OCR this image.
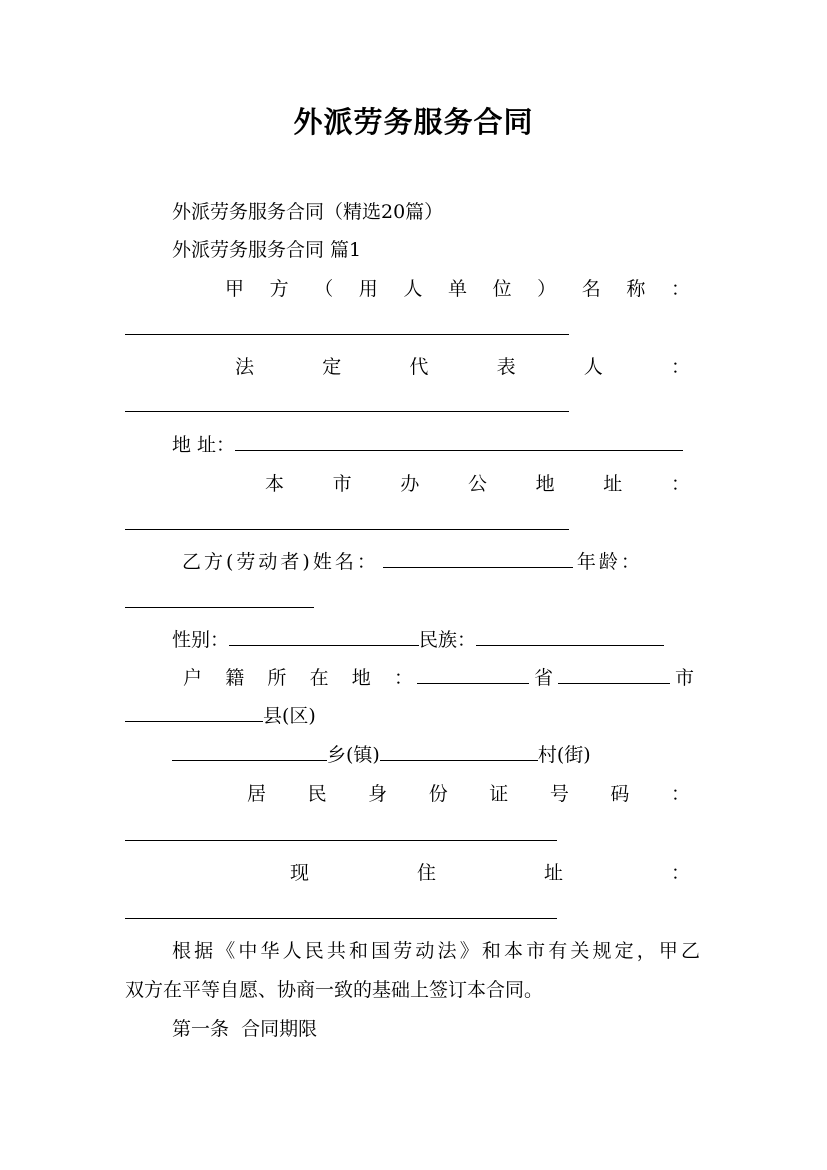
外派劳务服务合同
外派劳务服务合同（精选20篇）
外派劳务服务合同 篇1
甲 方 （ 用 人 单 位 ） 名 称 ：
法	定	代	表	人	：
地 址：
本	市	办	公	地	址	：
乙方(劳动者)姓名：	年龄：
性别：	民族：
户 籍 所 在 地 ：	省	市
县(区)
乡(镇)	村(街)
居 民 身 份 证 号 码 ：
现	住	址	：
根据《中华人民共和国劳动法》和本市有关规定，甲乙
双方在平等自愿、协商一致的基础上签订本合同。
第一条  合同期限
